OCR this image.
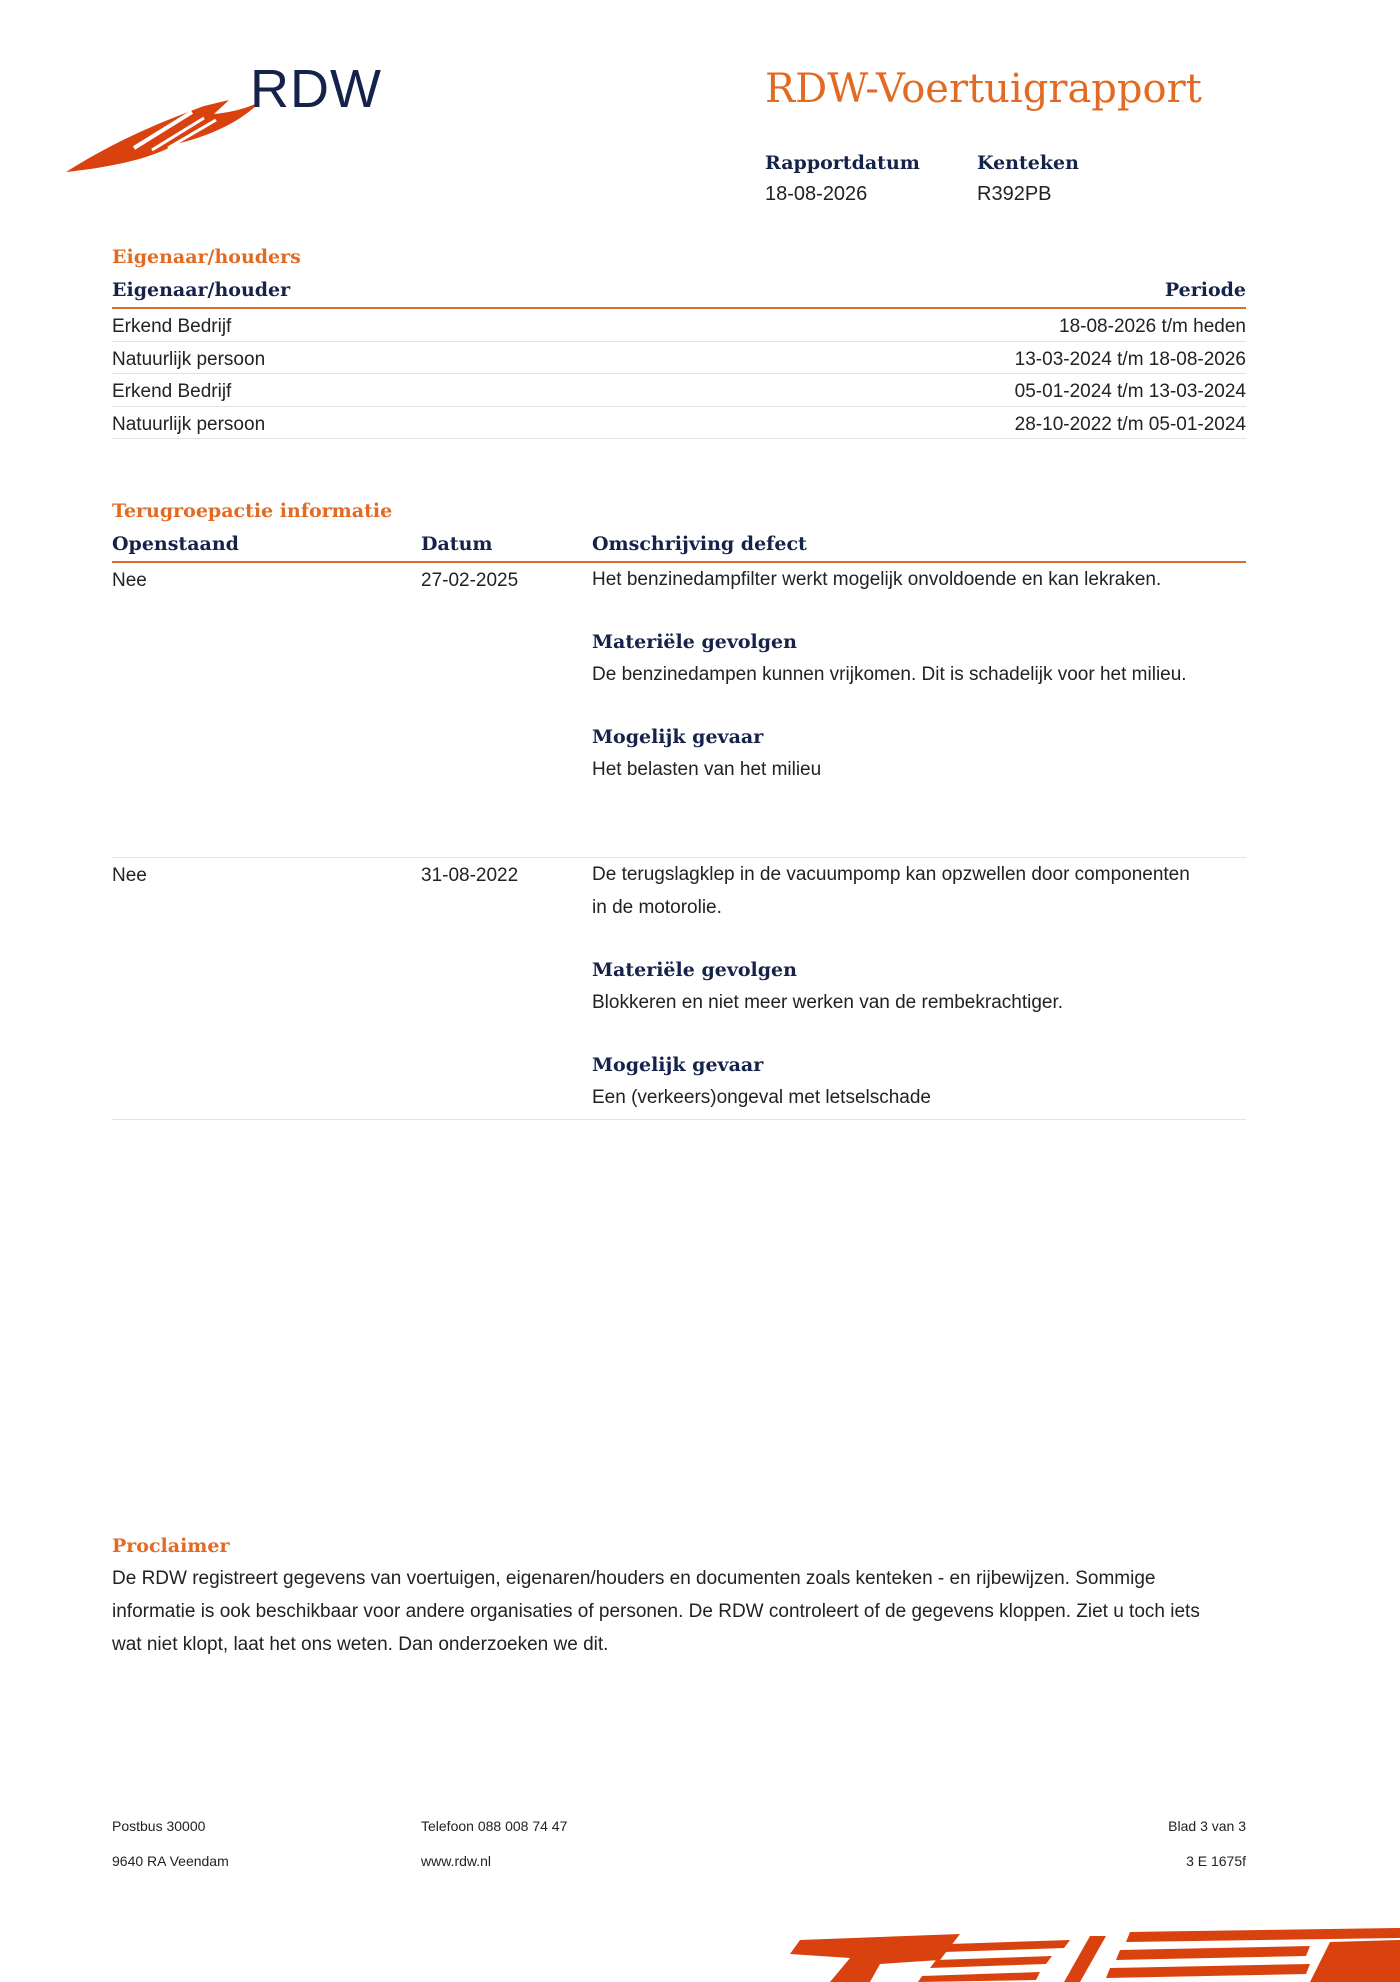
RDW	RDW-Voertuigrapport
Rapportdatum
18-08-2026
Kenteken
R392PB
Eigenaar/houders
Eigenaar/houder	Periode
Erkend Bedrijf	18-08-2026 t/m heden
Natuurlijk persoon	13-03-2024 t/m 18-08-2026
Erkend Bedrijf	05-01-2024 t/m 13-03-2024
Natuurlijk persoon	28-10-2022 t/m 05-01-2024
Terugroepactie informatie
Openstaand	Datum	Omschrijving defect
Nee	27-02-2025	Het benzinedampfilter werkt mogelijk onvoldoende en kan lekraken.

Materiële gevolgen

De benzinedampen kunnen vrijkomen. Dit is schadelijk voor het milieu.

Mogelijk gevaar

Het belasten van het milieu

Nee	31-08-2022	De terugslagklep in de vacuumpomp kan opzwellen door componenten in de motorolie.

Materiële gevolgen

Blokkeren en niet meer werken van de rembekrachtiger.

Mogelijk gevaar

Een (verkeers)ongeval met letselschade

Proclaimer

De RDW registreert gegevens van voertuigen, eigenaren/houders en documenten zoals kenteken - en rijbewijzen. Sommige informatie is ook beschikbaar voor andere organisaties of personen. De RDW controleert of de gegevens kloppen. Ziet u toch iets wat niet klopt, laat het ons weten. Dan onderzoeken we dit.

Postbus 30000
9640 RA Veendam
Telefoon 088 008 74 47
www.rdw.nl
Blad 3 van 3
3 E 1675f
